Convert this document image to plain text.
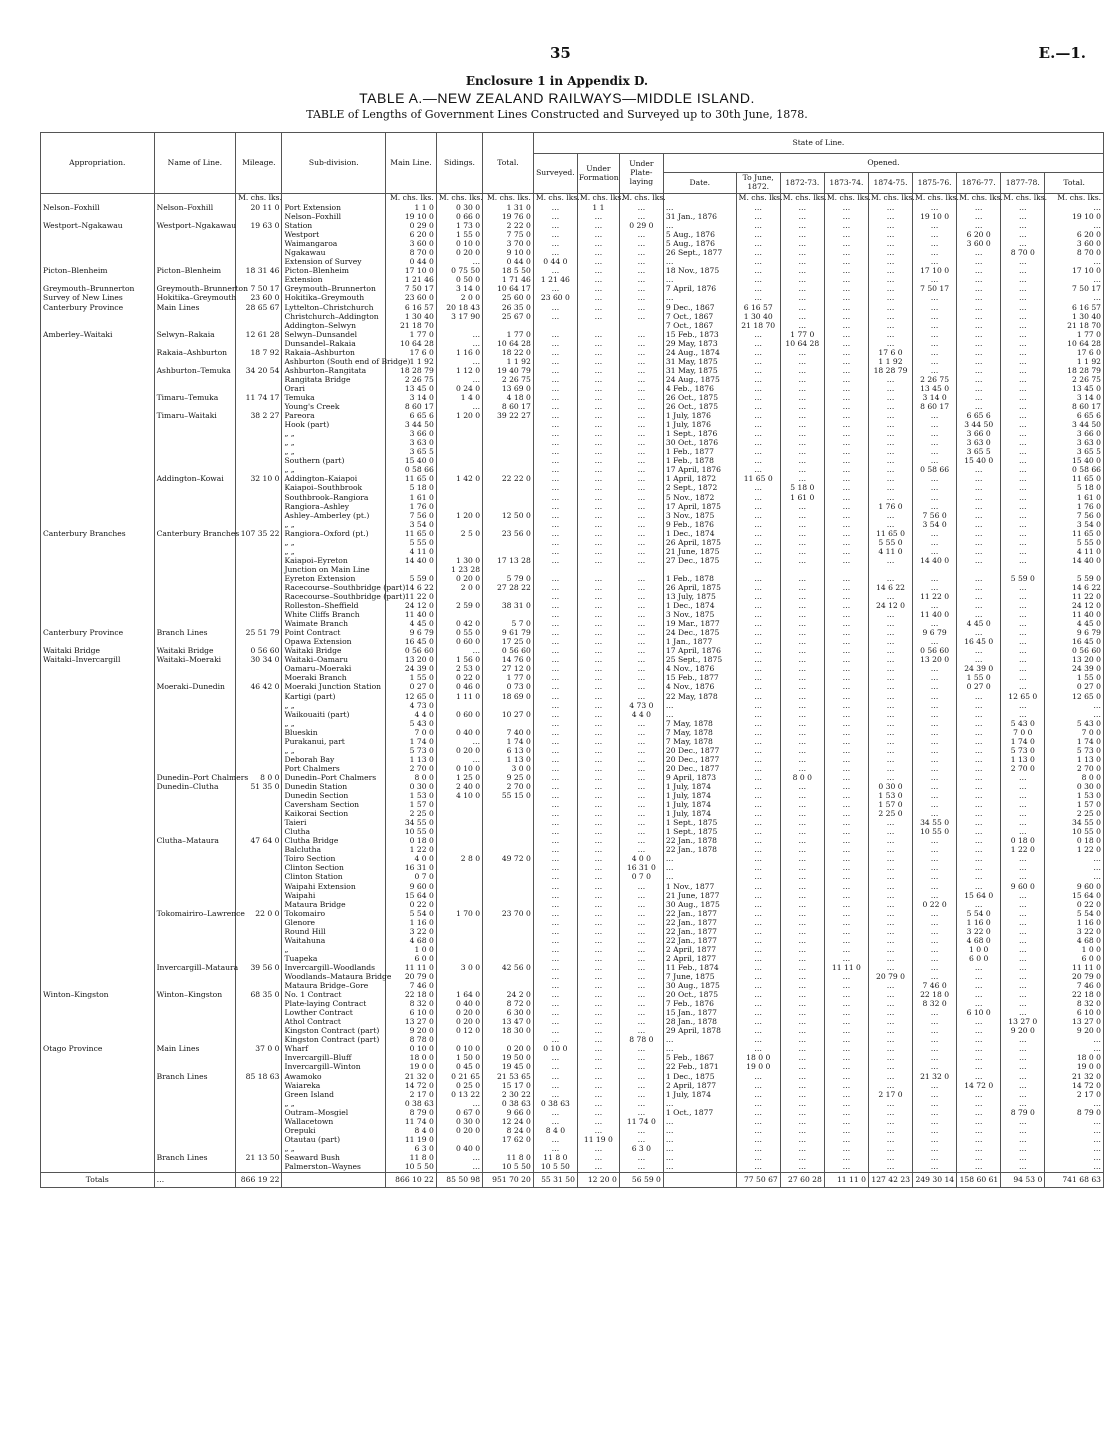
35	E.—1.
Enclosure 1 in Appendix D.
TABLE A.—NEW ZEALAND RAILWAYS—MIDDLE ISLAND.
TABLE of Lengths of Government Lines Constructed and Surveyed up to 30th June, 1878.
Appropriation.	Name of Line.	Mileage.	Sub-division.	Main Line.	Sidings.	Total.	State of Line.											
							Surveyed.	Under Formation	Under Plate-laying	Opened.								
										Date.	To June, 1872.	1872-73.	1873-74.	1874-75.	1875-76.	1876-77.	1877-78.	Total.
		M. chs. lks.		M. chs. lks.	M. chs. lks.	M. chs. lks.	M. chs. lks.	M. chs. lks.	M. chs. lks.		M. chs. lks.	M. chs. lks.	M. chs. lks.	M. chs. lks.	M. chs. lks.	M. chs. lks.	M. chs. lks.	M. chs. lks.
Nelson–Foxhill	Nelson–Foxhill	20 11 0	Port Extension	1 1 0	0 30 0	1 31 0	…	1 1	…	…	…	…	…	…	…	…	…	…
			Nelson–Foxhill	19 10 0	0 66 0	19 76 0	…	…	…	31 Jan., 1876	…	…	…	…	19 10 0	…	…	19 10 0
Westport–Ngakawau	Westport–Ngakawau	19 63 0	Station	0 29 0	1 73 0	2 22 0	…	…	0 29 0	…	…	…	…	…	…	…	…	…
			Westport	6 20 0	1 55 0	7 75 0	…	…	…	5 Aug., 1876	…	…	…	…	…	6 20 0	…	6 20 0
			Waimangaroa	3 60 0	0 10 0	3 70 0	…	…	…	5 Aug., 1876	…	…	…	…	…	3 60 0	…	3 60 0
			Ngakawau	8 70 0	0 20 0	9 10 0	…	…	…	26 Sept., 1877	…	…	…	…	…	…	8 70 0	8 70 0
			Extension of Survey	0 44 0	…	0 44 0	0 44 0	…	…	…	…	…	…	…	…	…	…	…
Picton–Blenheim	Picton–Blenheim	18 31 46	Picton–Blenheim	17 10 0	0 75 50	18 5 50	…	…	…	18 Nov., 1875	…	…	…	…	17 10 0	…	…	17 10 0
			Extension	1 21 46	0 50 0	1 71 46	1 21 46	…	…	…	…	…	…	…	…	…	…	…
Greymouth–Brunnerton	Greymouth–Brunnerton	7 50 17	Greymouth–Brunnerton	7 50 17	3 14 0	10 64 17	…	…	…	7 April, 1876	…	…	…	…	7 50 17	…	…	7 50 17
Survey of New Lines	Hokitika–Greymouth	23 60 0	Hokitika–Greymouth	23 60 0	2 0 0	25 60 0	23 60 0	…	…	…	…	…	…	…	…	…	…	…
Canterbury Province	Main Lines	28 65 67	Lyttelton–Christchurch	6 16 57	20 18 43	26 35 0	…	…	…	9 Dec., 1867	6 16 57	…	…	…	…	…	…	6 16 57
			Christchurch–Addington	1 30 40	3 17 90	25 67 0	…	…	…	7 Oct., 1867	1 30 40	…	…	…	…	…	…	1 30 40
			Addington–Selwyn	21 18 70						7 Oct., 1867	21 18 70	…	…	…	…	…	…	21 18 70
Amberley–Waitaki	Selwyn–Rakaia	12 61 28	Selwyn–Dunsandel	1 77 0	…	1 77 0	…	…	…	15 Feb., 1873	…	1 77 0	…	…	…	…	…	1 77 0
			Dunsandel–Rakaia	10 64 28	…	10 64 28	…	…	…	29 May, 1873	…	10 64 28	…	…	…	…	…	10 64 28
	Rakaia–Ashburton	18 7 92	Rakaia–Ashburton	17 6 0	1 16 0	18 22 0	…	…	…	24 Aug., 1874	…	…	…	17 6 0	…	…	…	17 6 0
			Ashburton (South end of Bridge)	1 1 92	…	1 1 92	…	…	…	31 May, 1875	…	…	…	1 1 92	…	…	…	1 1 92
	Ashburton–Temuka	34 20 54	Ashburton–Rangitata	18 28 79	1 12 0	19 40 79	…	…	…	31 May, 1875	…	…	…	18 28 79	…	…	…	18 28 79
			Rangitata Bridge	2 26 75	…	2 26 75	…	…	…	24 Aug., 1875	…	…	…	…	2 26 75	…	…	2 26 75
			Orari	13 45 0	0 24 0	13 69 0	…	…	…	4 Feb., 1876	…	…	…	…	13 45 0	…	…	13 45 0
	Timaru–Temuka	11 74 17	Temuka	3 14 0	1 4 0	4 18 0	…	…	…	26 Oct., 1875	…	…	…	…	3 14 0	…	…	3 14 0
			Young's Creek	8 60 17	…	8 60 17	…	…	…	26 Oct., 1875	…	…	…	…	8 60 17	…	…	8 60 17
	Timaru–Waitaki	38 2 27	Pareora	6 65 6	1 20 0	39 22 27	…	…	…	1 July, 1876	…	…	…	…	…	6 65 6	…	6 65 6
			Hook (part)	3 44 50			…	…	…	1 July, 1876	…	…	…	…	…	3 44 50	…	3 44 50
			„ „	3 66 0			…	…	…	1 Sept., 1876	…	…	…	…	…	3 66 0	…	3 66 0
			„ „	3 63 0			…	…	…	30 Oct., 1876	…	…	…	…	…	3 63 0	…	3 63 0
			„ „	3 65 5			…	…	…	1 Feb., 1877	…	…	…	…	…	3 65 5	…	3 65 5
			Southern (part)	15 40 0			…	…	…	1 Feb., 1878	…	…	…	…	…	15 40 0	…	15 40 0
			„ „	0 58 66			…	…	…	17 April, 1876	…	…	…	…	0 58 66	…	…	0 58 66
	Addington–Kowai	32 10 0	Addington–Kaiapoi	11 65 0	1 42 0	22 22 0	…	…	…	1 April, 1872	11 65 0	…	…	…	…	…	…	11 65 0
			Kaiapoi–Southbrook	5 18 0			…	…	…	2 Sept., 1872	…	5 18 0	…	…	…	…	…	5 18 0
			Southbrook–Rangiora	1 61 0			…	…	…	5 Nov., 1872	…	1 61 0	…	…	…	…	…	1 61 0
			Rangiora–Ashley	1 76 0			…	…	…	17 April, 1875	…	…	…	1 76 0	…	…	…	1 76 0
			Ashley–Amberley (pt.)	7 56 0	1 20 0	12 50 0	…	…	…	3 Nov., 1875	…	…	…	…	7 56 0	…	…	7 56 0
			„ „	3 54 0			…	…	…	9 Feb., 1876	…	…	…	…	3 54 0	…	…	3 54 0
Canterbury Branches	Canterbury Branches	107 35 22	Rangiora–Oxford (pt.)	11 65 0	2 5 0	23 56 0	…	…	…	1 Dec., 1874	…	…	…	11 65 0	…	…	…	11 65 0
			„ „	5 55 0			…	…	…	26 April, 1875	…	…	…	5 55 0	…	…	…	5 55 0
			„ „	4 11 0			…	…	…	21 June, 1875	…	…	…	4 11 0	…	…	…	4 11 0
			Kaiapoi–Eyreton	14 40 0	1 30 0	17 13 28	…	…	…	27 Dec., 1875	…	…	…	…	14 40 0	…	…	14 40 0
			Junction on Main Line		1 23 28													
			Eyreton Extension	5 59 0	0 20 0	5 79 0	…	…	…	1 Feb., 1878	…	…	…	…	…	…	5 59 0	5 59 0
			Racecourse–Southbridge (part)	14 6 22	2 0 0	27 28 22	…	…	…	26 April, 1875	…	…	…	14 6 22	…	…	…	14 6 22
			Racecourse–Southbridge (part)	11 22 0			…	…	…	13 July, 1875	…	…	…	…	11 22 0	…	…	11 22 0
			Rolleston–Sheffield	24 12 0	2 59 0	38 31 0	…	…	…	1 Dec., 1874	…	…	…	24 12 0	…	…	…	24 12 0
			White Cliffs Branch	11 40 0			…	…	…	3 Nov., 1875	…	…	…	…	11 40 0	…	…	11 40 0
			Waimate Branch	4 45 0	0 42 0	5 7 0	…	…	…	19 Mar., 1877	…	…	…	…	…	4 45 0	…	4 45 0
Canterbury Province	Branch Lines	25 51 79	Point Contract	9 6 79	0 55 0	9 61 79	…	…	…	24 Dec., 1875	…	…	…	…	9 6 79	…	…	9 6 79
			Opawa Extension	16 45 0	0 60 0	17 25 0	…	…	…	1 Jan., 1877	…	…	…	…	…	16 45 0	…	16 45 0
Waitaki Bridge	Waitaki Bridge	0 56 60	Waitaki Bridge	0 56 60	…	0 56 60	…	…	…	17 April, 1876	…	…	…	…	0 56 60	…	…	0 56 60
Waitaki–Invercargill	Waitaki–Moeraki	30 34 0	Waitaki–Oamaru	13 20 0	1 56 0	14 76 0	…	…	…	25 Sept., 1875	…	…	…	…	13 20 0	…	…	13 20 0
			Oamaru–Moeraki	24 39 0	2 53 0	27 12 0	…	…	…	4 Nov., 1876	…	…	…	…	…	24 39 0	…	24 39 0
			Moeraki Branch	1 55 0	0 22 0	1 77 0	…	…	…	15 Feb., 1877	…	…	…	…	…	1 55 0	…	1 55 0
	Moeraki–Dunedin	46 42 0	Moeraki Junction Station	0 27 0	0 46 0	0 73 0	…	…	…	4 Nov., 1876	…	…	…	…	…	0 27 0	…	0 27 0
			Kartigi (part)	12 65 0	1 11 0	18 69 0	…	…	…	22 May, 1878	…	…	…	…	…	…	12 65 0	12 65 0
			„ „	4 73 0			…	…	4 73 0	…	…	…	…	…	…	…	…	…
			Waikouaiti (part)	4 4 0	0 60 0	10 27 0	…	…	4 4 0	…	…	…	…	…	…	…	…	…
			„ „	5 43 0			…	…	…	7 May, 1878	…	…	…	…	…	…	5 43 0	5 43 0
			Blueskin	7 0 0	0 40 0	7 40 0	…	…	…	7 May, 1878	…	…	…	…	…	…	7 0 0	7 0 0
			Purakanui, part	1 74 0	…	1 74 0	…	…	…	7 May, 1878	…	…	…	…	…	…	1 74 0	1 74 0
			„ „	5 73 0	0 20 0	6 13 0	…	…	…	20 Dec., 1877	…	…	…	…	…	…	5 73 0	5 73 0
			Deborah Bay	1 13 0	…	1 13 0	…	…	…	20 Dec., 1877	…	…	…	…	…	…	1 13 0	1 13 0
			Port Chalmers	2 70 0	0 10 0	3 0 0	…	…	…	20 Dec., 1877	…	…	…	…	…	…	2 70 0	2 70 0
	Dunedin–Port Chalmers	8 0 0	Dunedin–Port Chalmers	8 0 0	1 25 0	9 25 0	…	…	…	9 April, 1873	…	8 0 0	…	…	…	…	…	8 0 0
	Dunedin–Clutha	51 35 0	Dunedin Station	0 30 0	2 40 0	2 70 0	…	…	…	1 July, 1874	…	…	…	0 30 0	…	…	…	0 30 0
			Dunedin Section	1 53 0	4 10 0	55 15 0	…	…	…	1 July, 1874	…	…	…	1 53 0	…	…	…	1 53 0
			Caversham Section	1 57 0			…	…	…	1 July, 1874	…	…	…	1 57 0	…	…	…	1 57 0
			Kaikorai Section	2 25 0			…	…	…	1 July, 1874	…	…	…	2 25 0	…	…	…	2 25 0
			Taieri	34 55 0			…	…	…	1 Sept., 1875	…	…	…	…	34 55 0	…	…	34 55 0
			Clutha	10 55 0			…	…	…	1 Sept., 1875	…	…	…	…	10 55 0	…	…	10 55 0
	Clutha–Mataura	47 64 0	Clutha Bridge	0 18 0			…	…	…	22 Jan., 1878	…	…	…	…	…	…	0 18 0	0 18 0
			Balclutha	1 22 0			…	…	…	22 Jan., 1878	…	…	…	…	…	…	1 22 0	1 22 0
			Toiro Section	4 0 0	2 8 0	49 72 0	…	…	4 0 0	…	…	…	…	…	…	…	…	…
			Clinton Section	16 31 0			…	…	16 31 0	…	…	…	…	…	…	…	…	…
			Clinton Station	0 7 0			…	…	0 7 0	…	…	…	…	…	…	…	…	…
			Waipahi Extension	9 60 0			…	…	…	1 Nov., 1877	…	…	…	…	…	…	9 60 0	9 60 0
			Waipahi	15 64 0			…	…	…	21 June, 1877	…	…	…	…	…	15 64 0	…	15 64 0
			Mataura Bridge	0 22 0			…	…	…	30 Aug., 1875	…	…	…	…	0 22 0	…	…	0 22 0
	Tokomairiro–Lawrence	22 0 0	Tokomairo	5 54 0	1 70 0	23 70 0	…	…	…	22 Jan., 1877	…	…	…	…	…	5 54 0	…	5 54 0
			Glenore	1 16 0			…	…	…	22 Jan., 1877	…	…	…	…	…	1 16 0	…	1 16 0
			Round Hill	3 22 0			…	…	…	22 Jan., 1877	…	…	…	…	…	3 22 0	…	3 22 0
			Waitahuna	4 68 0			…	…	…	22 Jan., 1877	…	…	…	…	…	4 68 0	…	4 68 0
			„	1 0 0			…	…	…	2 April, 1877	…	…	…	…	…	1 0 0	…	1 0 0
			Tuapeka	6 0 0			…	…	…	2 April, 1877	…	…	…	…	…	6 0 0	…	6 0 0
	Invercargill–Mataura	39 56 0	Invercargill–Woodlands	11 11 0	3 0 0	42 56 0	…	…	…	11 Feb., 1874	…	…	11 11 0	…	…	…	…	11 11 0
			Woodlands–Mataura Bridge	20 79 0			…	…	…	7 June, 1875	…	…	…	20 79 0	…	…	…	20 79 0
			Mataura Bridge–Gore	7 46 0			…	…	…	30 Aug., 1875	…	…	…	…	7 46 0	…	…	7 46 0
Winton–Kingston	Winton–Kingston	68 35 0	No. 1 Contract	22 18 0	1 64 0	24 2 0	…	…	…	20 Oct., 1875	…	…	…	…	22 18 0	…	…	22 18 0
			Plate-laying Contract	8 32 0	0 40 0	8 72 0	…	…	…	7 Feb., 1876	…	…	…	…	8 32 0	…	…	8 32 0
			Lowther Contract	6 10 0	0 20 0	6 30 0	…	…	…	15 Jan., 1877	…	…	…	…	…	6 10 0	…	6 10 0
			Athol Contract	13 27 0	0 20 0	13 47 0	…	…	…	28 Jan., 1878	…	…	…	…	…	…	13 27 0	13 27 0
			Kingston Contract (part)	9 20 0	0 12 0	18 30 0	…	…	…	29 April, 1878	…	…	…	…	…	…	9 20 0	9 20 0
			Kingston Contract (part)	8 78 0			…	…	8 78 0	…	…	…	…	…	…	…	…	…
Otago Province	Main Lines	37 0 0	Wharf	0 10 0	0 10 0	0 20 0	0 10 0	…	…	…	…	…	…	…	…	…	…	…
			Invercargill–Bluff	18 0 0	1 50 0	19 50 0	…	…	…	5 Feb., 1867	18 0 0	…	…	…	…	…	…	18 0 0
			Invercargill–Winton	19 0 0	0 45 0	19 45 0	…	…	…	22 Feb., 1871	19 0 0	…	…	…	…	…	…	19 0 0
	Branch Lines	85 18 63	Awamoko	21 32 0	0 21 65	21 53 65	…	…	…	1 Dec., 1875	…	…	…	…	21 32 0	…	…	21 32 0
			Waiareka	14 72 0	0 25 0	15 17 0	…	…	…	2 April, 1877	…	…	…	…	…	14 72 0	…	14 72 0
			Green Island	2 17 0	0 13 22	2 30 22	…	…	…	1 July, 1874	…	…	…	2 17 0	…	…	…	2 17 0
			„ „	0 38 63	…	0 38 63	0 38 63	…	…	…	…	…	…	…	…	…	…	…
			Outram–Mosgiel	8 79 0	0 67 0	9 66 0	…	…	…	1 Oct., 1877	…	…	…	…	…	…	8 79 0	8 79 0
			Wallacetown	11 74 0	0 30 0	12 24 0	…	…	11 74 0	…	…	…	…	…	…	…	…	…
			Orepuki	8 4 0	0 20 0	8 24 0	8 4 0	…	…	…	…	…	…	…	…	…	…	…
			Otautau (part)	11 19 0		17 62 0	…	11 19 0	…	…	…	…	…	…	…	…	…	…
			„ „	6 3 0	0 40 0		…	…	6 3 0	…	…	…	…	…	…	…	…	…
	Branch Lines	21 13 50	Seaward Bush	11 8 0	…	11 8 0	11 8 0	…	…	…	…	…	…	…	…	…	…	…
			Palmerston–Waynes	10 5 50	…	10 5 50	10 5 50	…	…	…	…	…	…	…	…	…	…	…
Totals	…	866 19 22		866 10 22	85 50 98	951 70 20	55 31 50	12 20 0	56 59 0		77 50 67	27 60 28	11 11 0	127 42 23	249 30 14	158 60 61	94 53 0	741 68 63
